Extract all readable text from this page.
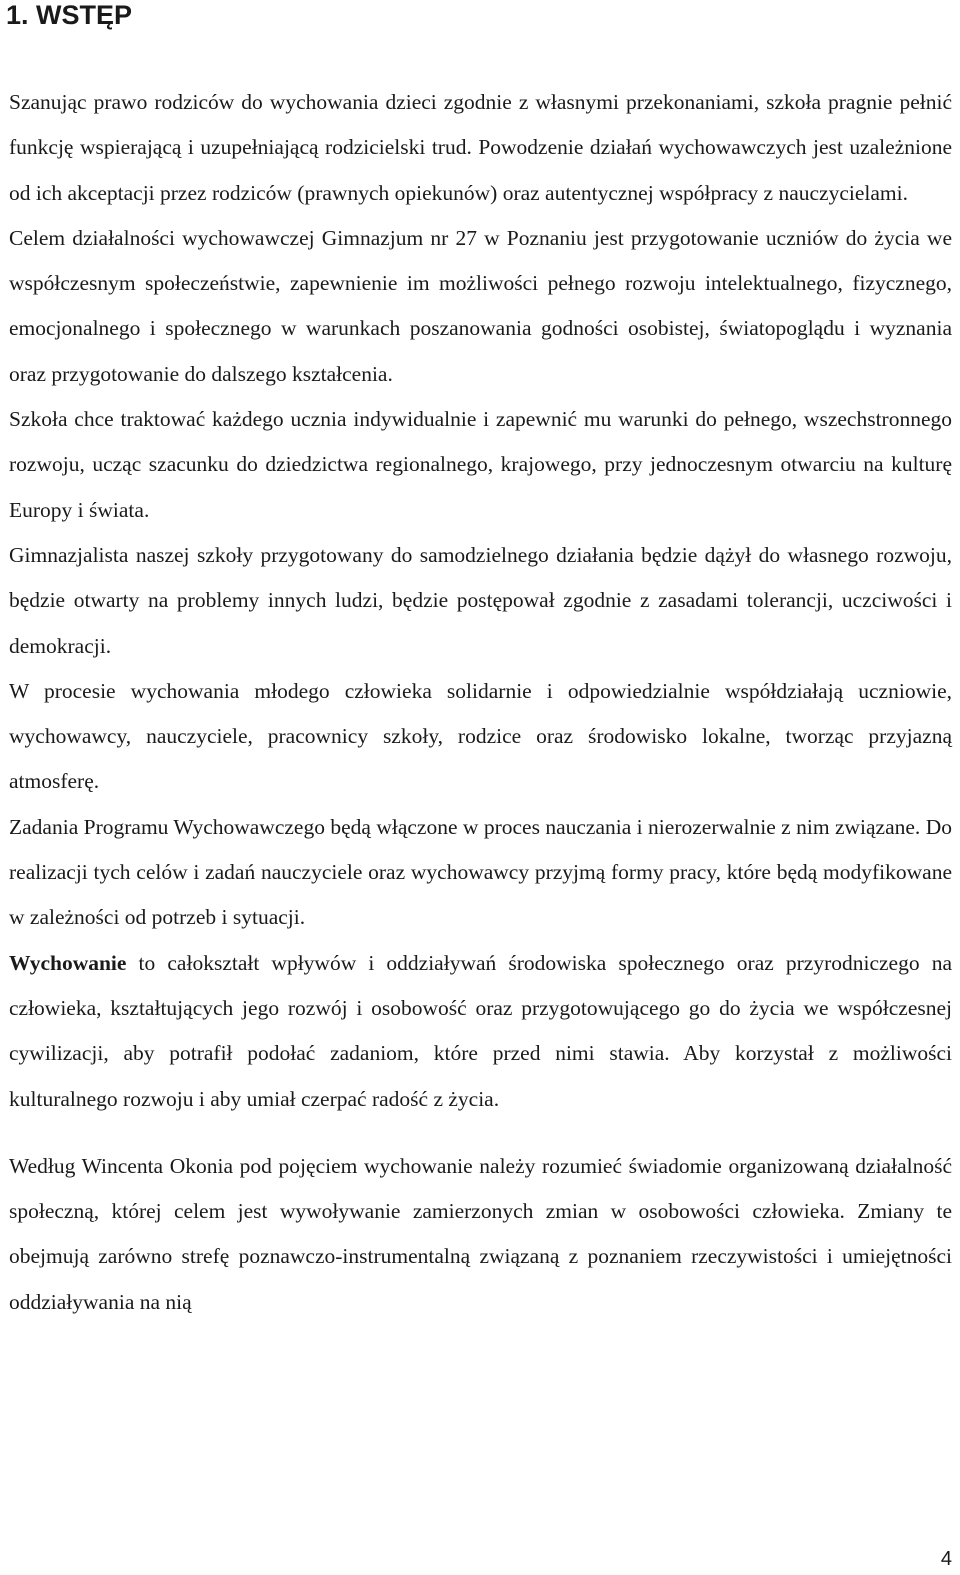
1. WSTĘP

Szanując prawo rodziców do wychowania dzieci zgodnie z własnymi przekonaniami, szkoła pragnie pełnić funkcję wspierającą i uzupełniającą rodzicielski trud. Powodzenie działań wychowawczych jest uzależnione od ich akceptacji przez rodziców (prawnych opiekunów) oraz autentycznej współpracy z nauczycielami.

Celem działalności wychowawczej Gimnazjum nr 27 w Poznaniu jest przygotowanie uczniów do życia we współczesnym społeczeństwie, zapewnienie im możliwości pełnego rozwoju intelektualnego, fizycznego, emocjonalnego i społecznego w warunkach poszanowania godności osobistej, światopoglądu i wyznania oraz przygotowanie do dalszego kształcenia.

Szkoła chce traktować każdego ucznia indywidualnie i zapewnić mu warunki do pełnego, wszechstronnego rozwoju, ucząc szacunku do dziedzictwa regionalnego, krajowego, przy jednoczesnym otwarciu na kulturę Europy i świata.

Gimnazjalista naszej szkoły przygotowany do samodzielnego działania będzie dążył do własnego rozwoju, będzie otwarty na problemy innych ludzi, będzie postępował zgodnie z zasadami tolerancji, uczciwości i demokracji.

W procesie wychowania młodego człowieka solidarnie i odpowiedzialnie współdziałają uczniowie, wychowawcy, nauczyciele, pracownicy szkoły, rodzice oraz środowisko lokalne, tworząc przyjazną atmosferę.

Zadania Programu Wychowawczego będą włączone w proces nauczania i nierozerwalnie z nim związane. Do realizacji tych celów i zadań nauczyciele oraz wychowawcy przyjmą formy pracy, które będą modyfikowane w zależności od potrzeb i sytuacji.

Wychowanie to całokształt wpływów i oddziaływań środowiska społecznego oraz przyrodniczego na człowieka, kształtujących jego rozwój i osobowość oraz przygotowującego go do życia we współczesnej cywilizacji, aby potrafił podołać zadaniom, które przed nimi stawia. Aby korzystał z możliwości kulturalnego rozwoju i aby umiał czerpać radość z życia.

Według Wincenta Okonia pod pojęciem wychowanie należy rozumieć świadomie organizowaną działalność społeczną, której celem jest wywoływanie zamierzonych zmian w osobowości człowieka. Zmiany te obejmują zarówno strefę poznawczo-instrumentalną związaną z poznaniem rzeczywistości i umiejętności oddziaływania na nią

4
